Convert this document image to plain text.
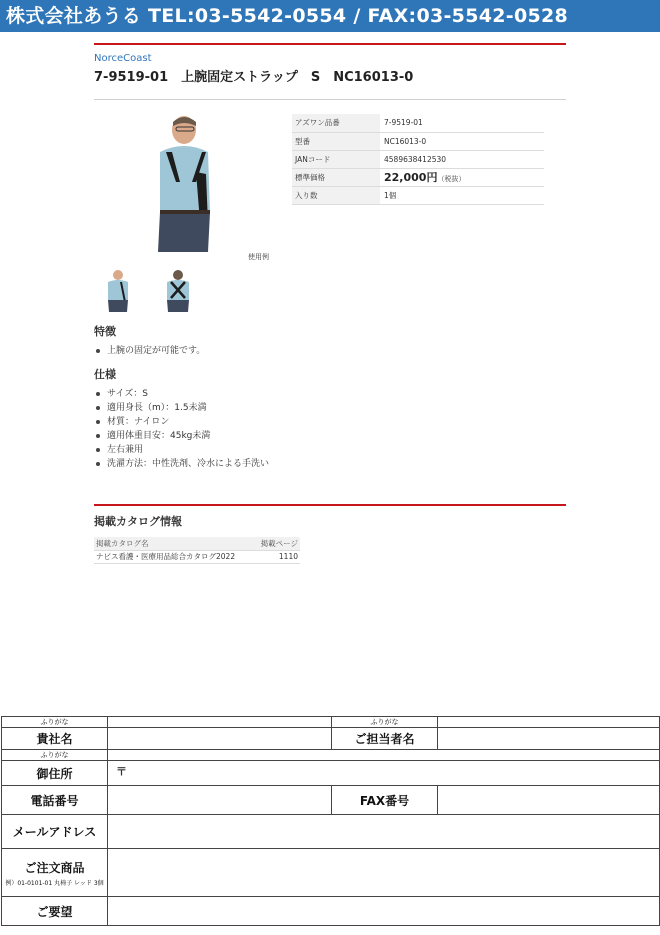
株式会社あうる TEL:03-5542-0554 / FAX:03-5542-0528
NorceCoast
7-9519-01　上腕固定ストラップ　S　NC16013-0
使用例
アズワン品番	7-9519-01
型番	NC16013-0
JANコード	4589638412530
標準価格	22,000円（税抜）
入り数	1個
特徴
上腕の固定が可能です。
仕様
サイズ：S
適用身長（m）：1.5未満
材質：ナイロン
適用体重目安：45kg未満
左右兼用
洗濯方法：中性洗剤、冷水による手洗い
掲載カタログ情報
掲載カタログ名	掲載ページ
ナビス看護・医療用品総合カタログ2022	1110
ふりがな		ふりがな	
貴社名		ご担当者名	
ふりがな			
御住所	〒		
電話番号		FAX番号	
メールアドレス			

ご注文商品
例）01-0101-01 丸椅子 レッド 3個			

ご要望			
